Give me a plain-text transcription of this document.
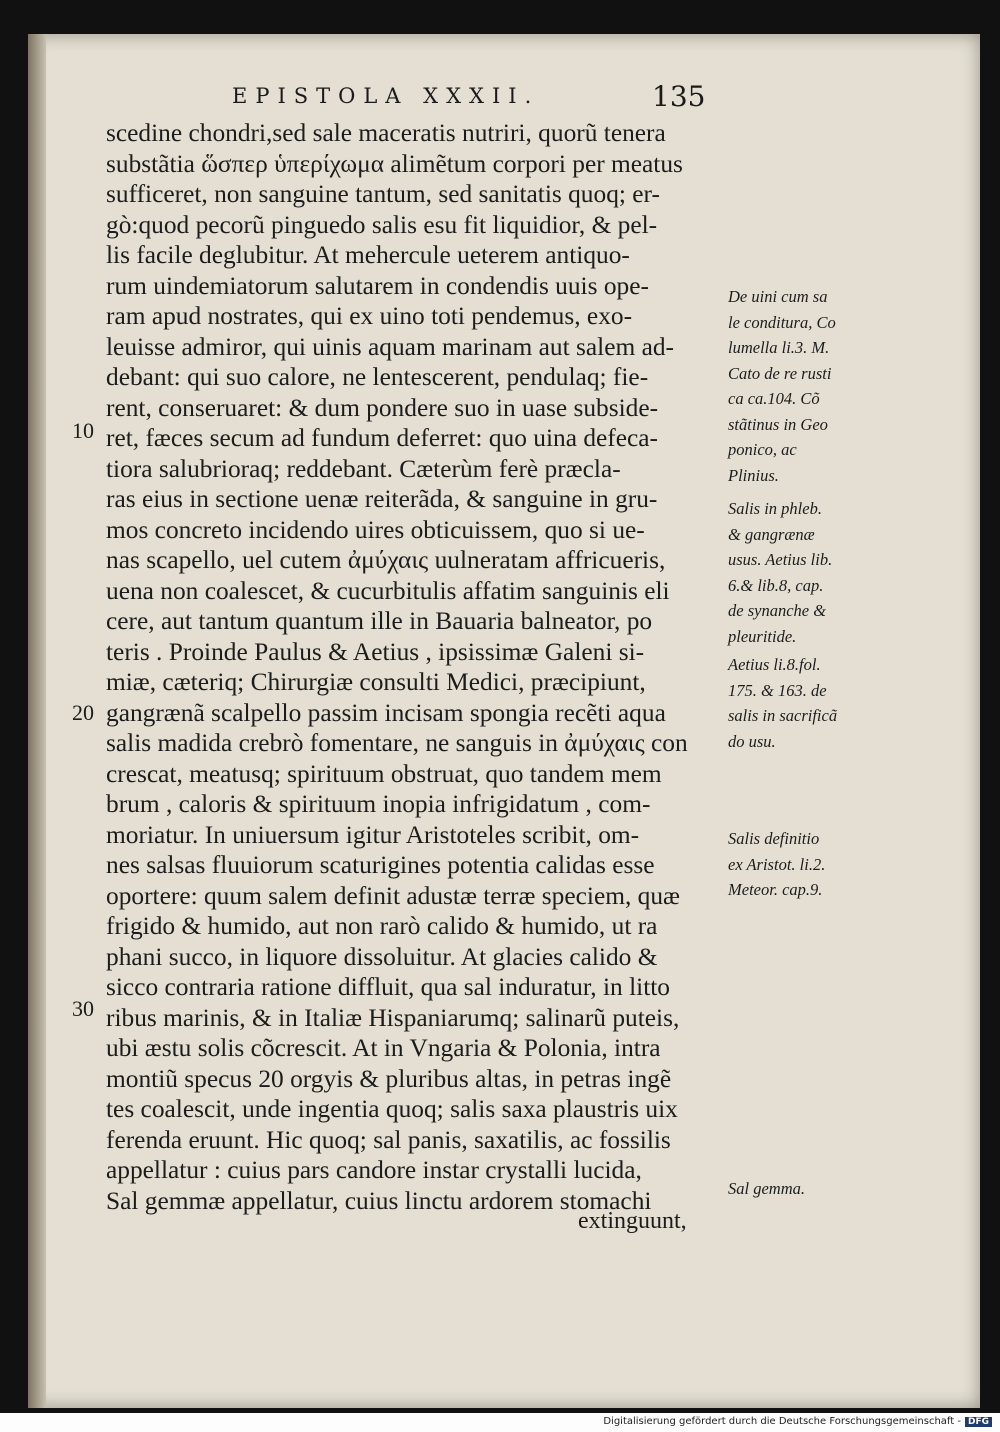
EPISTOLA XXXII.	135
scedine chondri,sed sale maceratis nutriri, quorũ tenera
substãtia ὥσπερ ὑπερίχωμα alimẽtum corpori per meatus
sufficeret, non sanguine tantum, sed sanitatis quoq; er-
gò:quod pecorũ pinguedo salis esu fit liquidior, & pel-
lis facile deglubitur. At mehercule ueterem antiquo-
rum uindemiatorum salutarem in condendis uuis ope-
ram apud nostrates, qui ex uino toti pendemus, exo-
leuisse admiror, qui uinis aquam marinam aut salem ad-
debant: qui suo calore, ne lentescerent, pendulaq; fie-
rent, conseruaret: & dum pondere suo in uase subside-
ret, fæces secum ad fundum deferret: quo uina defeca-
tiora salubrioraq; reddebant. Cæterùm ferè præcla-
ras eius in sectione uenæ reiterãda, & sanguine in gru-
mos concreto incidendo uires obticuissem, quo si ue-
nas scapello, uel cutem ἀμύχαις uulneratam affricueris,
uena non coalescet, & cucurbitulis affatim sanguinis eli
cere, aut tantum quantum ille in Bauaria balneator, po
teris . Proinde Paulus & Aetius , ipsissimæ Galeni si-
miæ, cæteriq; Chirurgiæ consulti Medici, præcipiunt,
gangrænã scalpello passim incisam spongia recẽti aqua
salis madida crebrò fomentare, ne sanguis in ἀμύχαις con
crescat, meatusq; spirituum obstruat, quo tandem mem
brum , caloris & spirituum inopia infrigidatum , com-
moriatur. In uniuersum igitur Aristoteles scribit, om-
nes salsas fluuiorum scaturigines potentia calidas esse
oportere: quum salem definit adustæ terræ speciem, quæ
frigido & humido, aut non rarò calido & humido, ut ra
phani succo, in liquore dissoluitur. At glacies calido &
sicco contraria ratione diffluit, qua sal induratur, in litto
ribus marinis, & in Italiæ Hispaniarumq; salinarũ puteis,
ubi æstu solis cõcrescit. At in Vngaria & Polonia, intra
montiũ specus 20 orgyis & pluribus altas, in petras ingẽ
tes coalescit, unde ingentia quoq; salis saxa plaustris uix
ferenda eruunt. Hic quoq; sal panis, saxatilis, ac fossilis
appellatur : cuius pars candore instar crystalli lucida,
Sal gemmæ appellatur, cuius linctu ardorem stomachi
10
20
30
De uini cum sa
le conditura, Co
lumella li.3. M.
Cato de re rusti
ca ca.104. Cõ
stãtinus in Geo
ponico, ac
Plinius.
Salis in phleb.
& gangrænæ
usus. Aetius lib.
6.& lib.8, cap.
de synanche &
pleuritide.
Aetius li.8.fol.
175. & 163. de
salis in sacrificã
do usu.
Salis definitio
ex Aristot. li.2.
Meteor. cap.9.
Sal gemma.
extinguunt,
Digitalisierung gefördert durch die Deutsche Forschungsgemeinschaft - DFG
